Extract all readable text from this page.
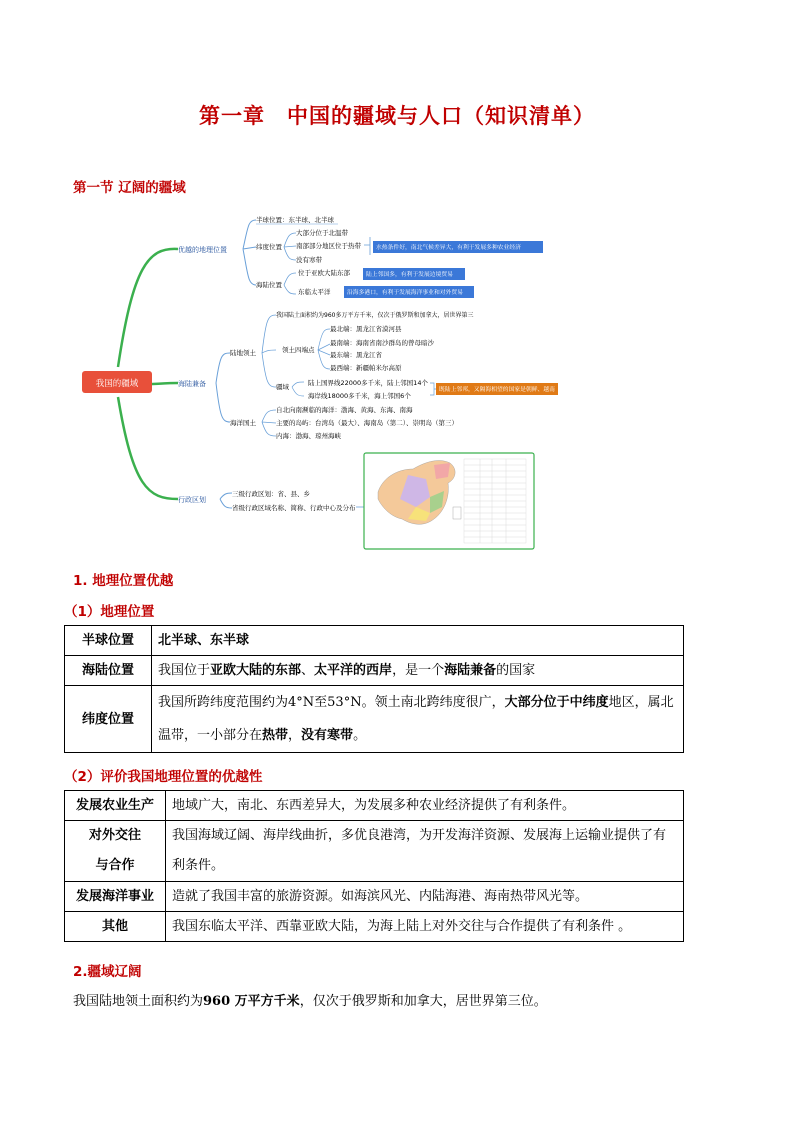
第一章　中国的疆域与人口（知识清单）
第一节 辽阔的疆域
我国的疆域
优越的地理位置
半球位置：东半球、北半球
纬度位置
大部分位于北温带
南部部分地区位于热带
没有寒带
水热条件好，南北气候差异大，有利于发展多种农业经济
海陆位置
位于亚欧大陆东部	陆上邻国多，有利于发展边境贸易
东临太平洋	沿海多港口，有利于发展海洋事业和对外贸易
海陆兼备
陆地领土
我国陆土面积约为960多万平方千米，仅次于俄罗斯和加拿大，居世界第三
领土四端点
最北端：黑龙江省漠河县
最南端：海南省南沙群岛的曾母暗沙
最东端：黑龙江省
最西端：新疆帕米尔高原
疆域	陆上国界线22000多千米，陆上邻国14个
海岸线18000多千米，海上邻国6个
既陆上邻邦，又隔海相望的国家是朝鲜、越南
海洋国土
自北向南濒临的海洋：渤海、黄海、东海、南海
主要的岛屿：台湾岛（最大）、海南岛（第二）、崇明岛（第三）
内海：渤海、琼州海峡
行政区划
三级行政区划：省、县、乡
省级行政区域名称、简称、行政中心及分布
1. 地理位置优越
（1）地理位置
半球位置	北半球、东半球
海陆位置	我国位于亚欧大陆的东部、太平洋的西岸，是一个海陆兼备的国家
纬度位置	我国所跨纬度范围约为4°N至53°N。领土南北跨纬度很广，大部分位于中纬度地区，属北温带，一小部分在热带，没有寒带。
（2）评价我国地理位置的优越性
发展农业生产	地域广大，南北、东西差异大，为发展多种农业经济提供了有利条件。
对外交往
与合作	我国海域辽阔、海岸线曲折，多优良港湾，为开发海洋资源、发展海上运输业提供了有利条件。
发展海洋事业	造就了我国丰富的旅游资源。如海滨风光、内陆海港、海南热带风光等。
其他	我国东临太平洋、西靠亚欧大陆，为海上陆上对外交往与合作提供了有利条件 。
2.疆域辽阔
我国陆地领土面积约为960 万平方千米，仅次于俄罗斯和加拿大，居世界第三位。
